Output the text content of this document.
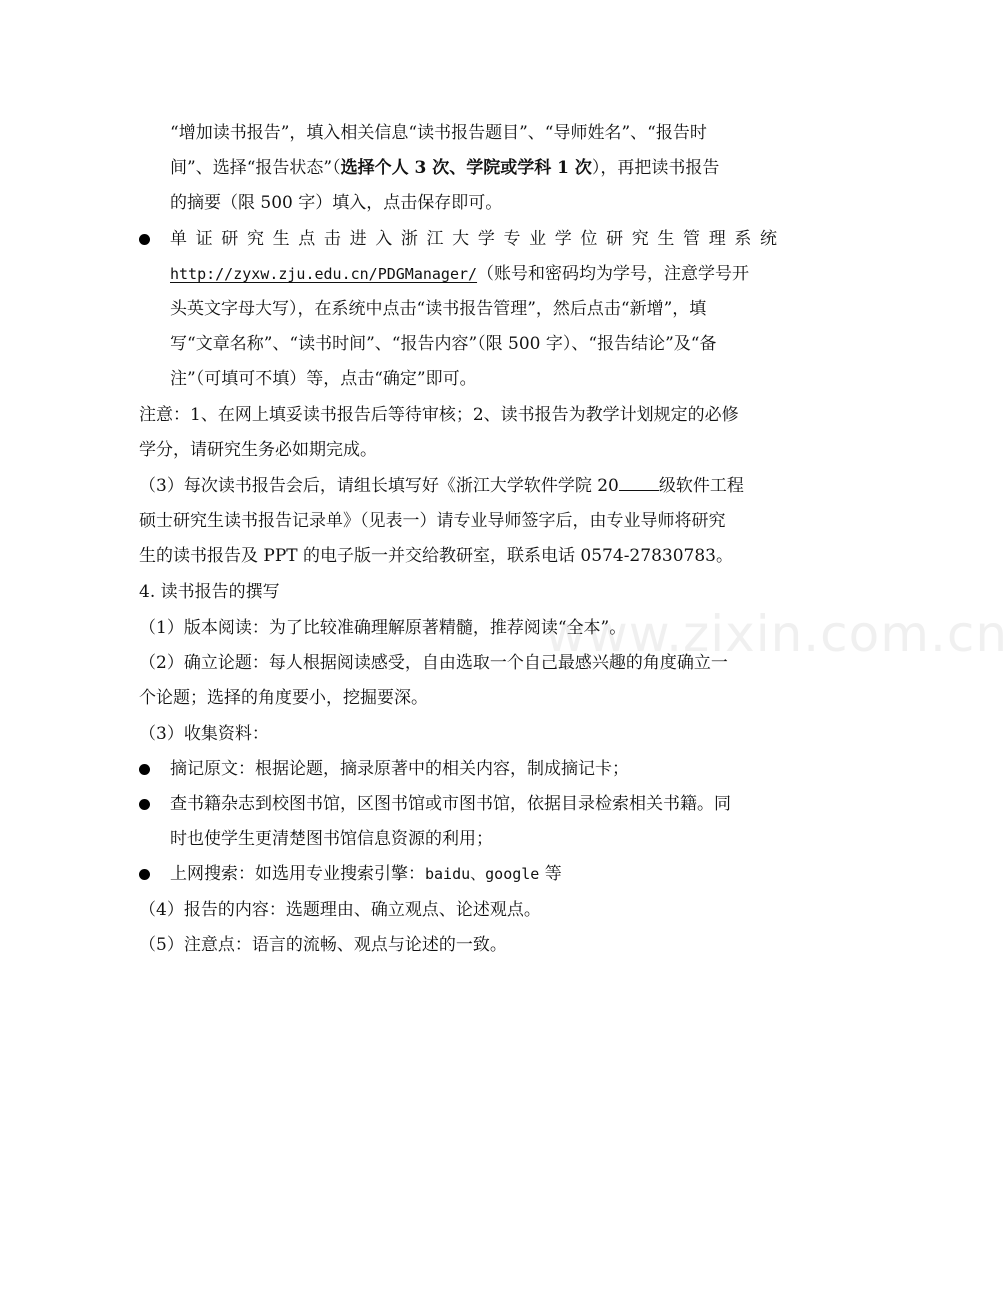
www.zixin.com.cn
“增加读书报告”，填入相关信息“读书报告题目”、“导师姓名”、“报告时
间”、选择“报告状态”（选择个人 3 次、学院或学科 1 次），再把读书报告
的摘要（限 500 字）填入，点击保存即可。
单证研究生点击进入浙江大学专业学位研究生管理系统
http://zyxw.zju.edu.cn/PDGManager/（账号和密码均为学号，注意学号开
头英文字母大写），在系统中点击“读书报告管理”，然后点击“新增”，填
写“文章名称”、“读书时间”、“报告内容”（限 500 字）、“报告结论”及“备
注”（可填可不填）等，点击“确定”即可。
注意：1、在网上填妥读书报告后等待审核；2、读书报告为教学计划规定的必修
学分，请研究生务必如期完成。
（3）每次读书报告会后，请组长填写好《浙江大学软件学院 20 级软件工程
硕士研究生读书报告记录单》（见表一）请专业导师签字后，由专业导师将研究
生的读书报告及 PPT 的电子版一并交给教研室，联系电话 0574-27830783。
4. 读书报告的撰写
（1）版本阅读：为了比较准确理解原著精髓，推荐阅读“全本”。
（2）确立论题：每人根据阅读感受，自由选取一个自己最感兴趣的角度确立一
个论题；选择的角度要小，挖掘要深。
（3）收集资料：
摘记原文：根据论题，摘录原著中的相关内容，制成摘记卡；
查书籍杂志到校图书馆，区图书馆或市图书馆，依据目录检索相关书籍。同
时也使学生更清楚图书馆信息资源的利用；
上网搜索：如选用专业搜索引擎：baidu、google 等
（4）报告的内容：选题理由、确立观点、论述观点。
（5）注意点：语言的流畅、观点与论述的一致。
